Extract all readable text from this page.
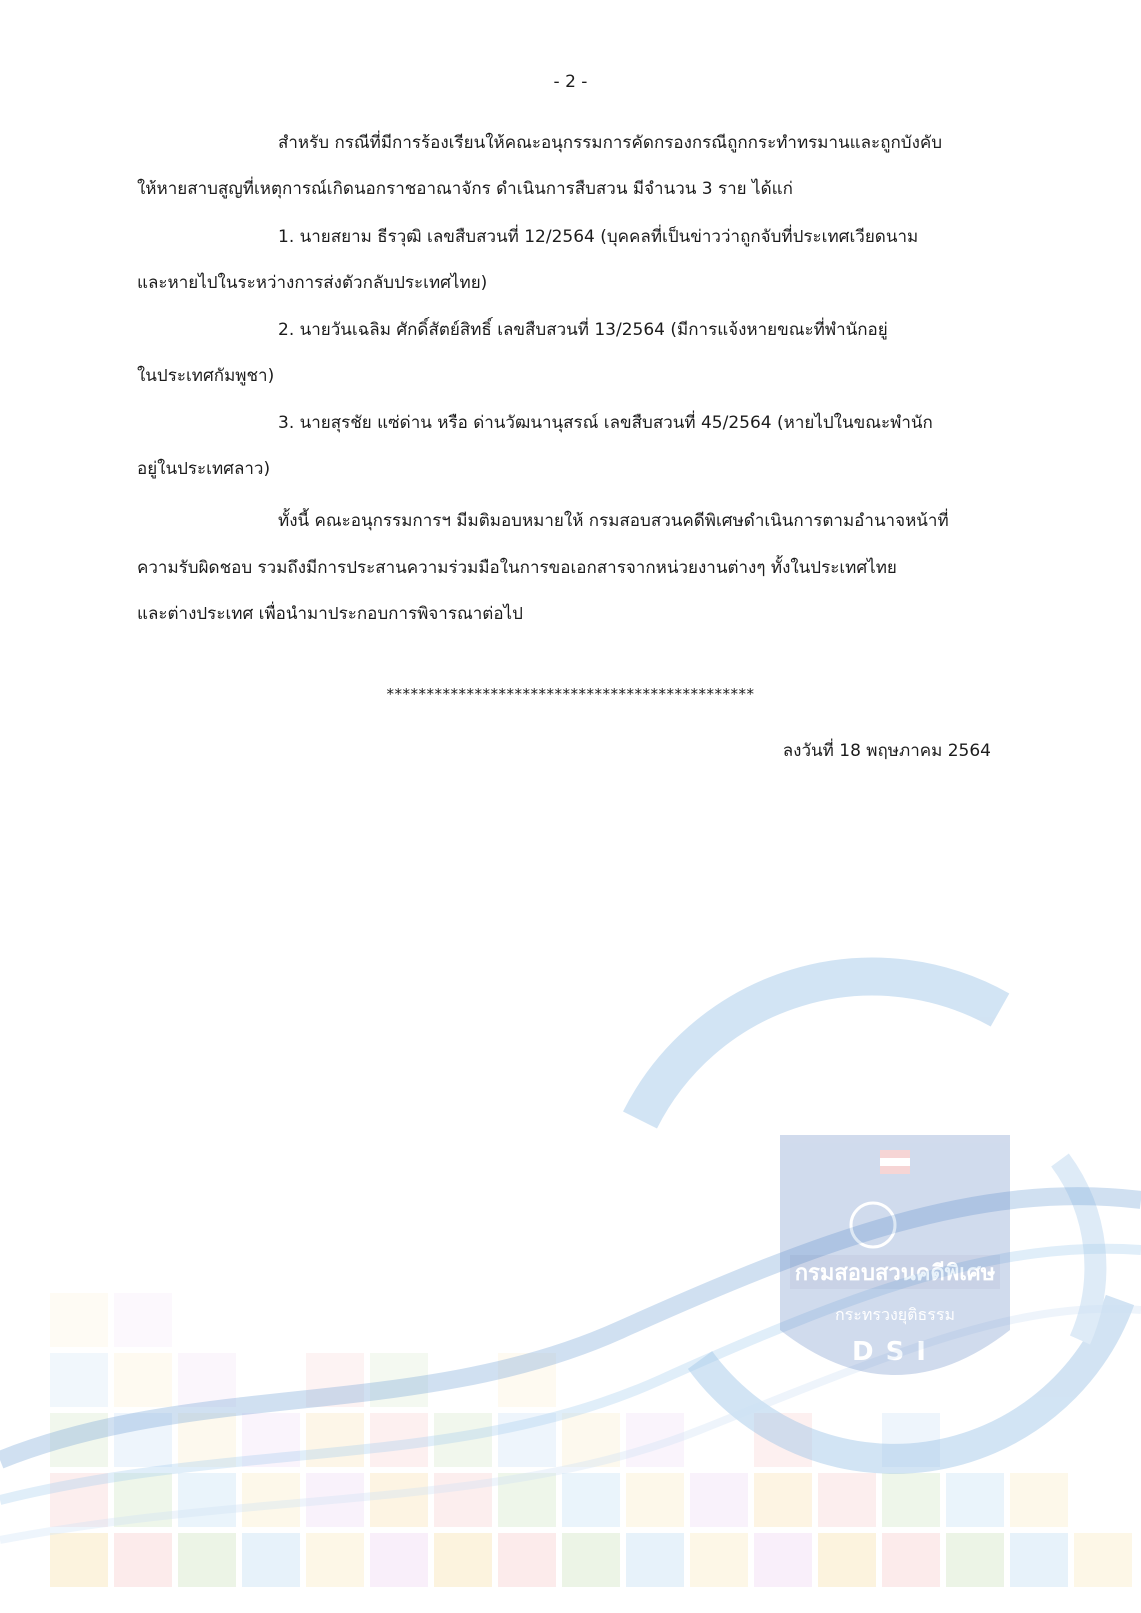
กรมสอบสวนคดีพิเศษ
กระทรวงยุติธรรม
DSI
- 2 -
สำหรับ กรณีที่มีการร้องเรียนให้คณะอนุกรรมการคัดกรองกรณีถูกกระทำทรมานและถูกบังคับ
ให้หายสาบสูญที่เหตุการณ์เกิดนอกราชอาณาจักร ดำเนินการสืบสวน มีจำนวน 3 ราย ได้แก่
1. นายสยาม ธีรวุฒิ เลขสืบสวนที่ 12/2564 (บุคคลที่เป็นข่าวว่าถูกจับที่ประเทศเวียดนาม
และหายไปในระหว่างการส่งตัวกลับประเทศไทย)
2. นายวันเฉลิม ศักดิ์สัตย์สิทธิ์ เลขสืบสวนที่ 13/2564 (มีการแจ้งหายขณะที่พำนักอยู่
ในประเทศกัมพูชา)
3. นายสุรชัย แซ่ด่าน หรือ ด่านวัฒนานุสรณ์ เลขสืบสวนที่ 45/2564 (หายไปในขณะพำนัก
อยู่ในประเทศลาว)
ทั้งนี้ คณะอนุกรรมการฯ มีมติมอบหมายให้ กรมสอบสวนคดีพิเศษดำเนินการตามอำนาจหน้าที่
ความรับผิดชอบ รวมถึงมีการประสานความร่วมมือในการขอเอกสารจากหน่วยงานต่างๆ ทั้งในประเทศไทย
และต่างประเทศ เพื่อนำมาประกอบการพิจารณาต่อไป
**********************************************
ลงวันที่ 18 พฤษภาคม 2564
